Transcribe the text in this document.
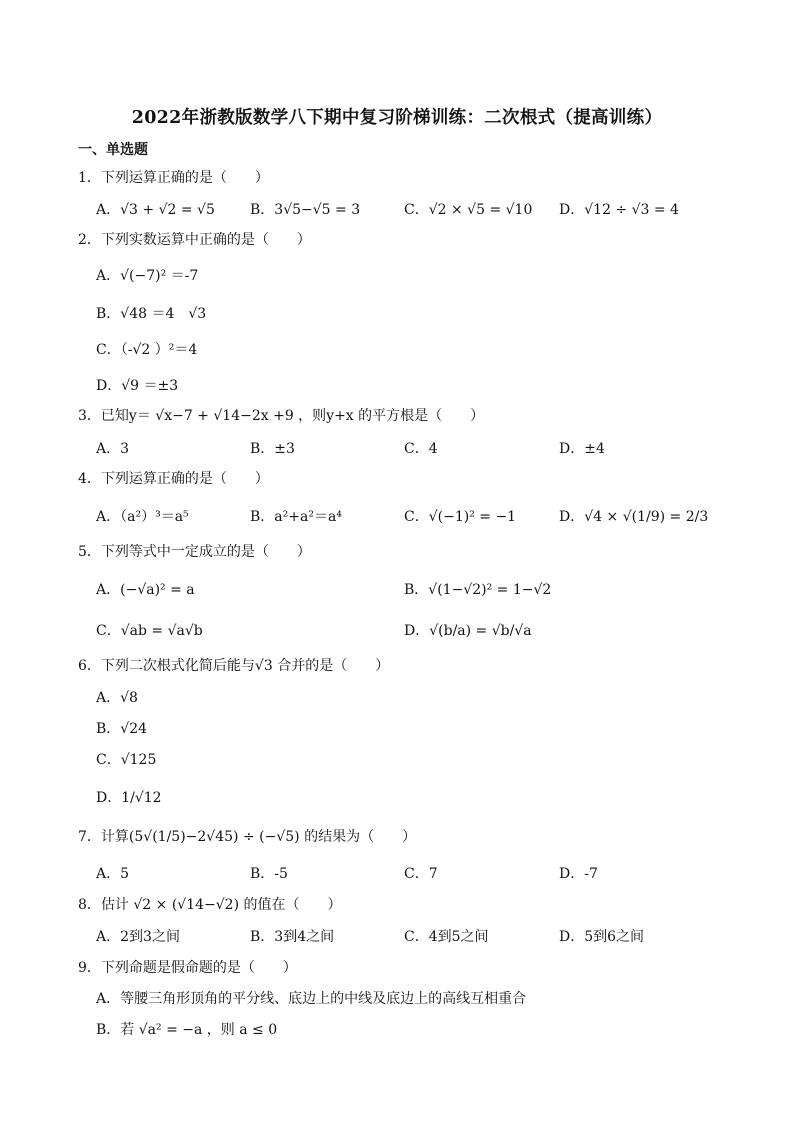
2022年浙教版数学八下期中复习阶梯训练：二次根式（提高训练）
一、单选题
1．下列运算正确的是（　　）
A．√3 + √2 = √5	B．3√5−√5 = 3	C．√2 × √5 = √10 D．√12 ÷ √3 = 4
2．下列实数运算中正确的是（　　）
A．√(−7)² ＝-7
B．√48 ＝4　√3
C．（-√2 ）²＝4
D．√9 ＝±3
3．已知y＝ √x−7 + √14−2x +9 ，则y+x 的平方根是（　　）
A．3	B．±3	C．4	D．±4
4．下列运算正确的是（　　）
A．（a²）³＝a⁵	B．a²+a²＝a⁴	C．√(−1)² = −1	D．√4 × √(1/9) = 2/3
5．下列等式中一定成立的是（　　）
A．(−√a)² = a	B．√(1−√2)² = 1−√2
C．√ab = √a√b	D．√(b/a) = √b/√a
6．下列二次根式化简后能与√3 合并的是（　　）
A．√8
B．√24
C．√125
D．1/√12
7．计算(5√(1/5)−2√45) ÷ (−√5) 的结果为（　　）
A．5	B．-5	C．7	D．-7
8．估计 √2 × (√14−√2) 的值在（　　）
A．2到3之间	B．3到4之间	C．4到5之间	D．5到6之间
9．下列命题是假命题的是（　　）
A．等腰三角形顶角的平分线、底边上的中线及底边上的高线互相重合
B．若 √a² = −a ，则 a ≤ 0
